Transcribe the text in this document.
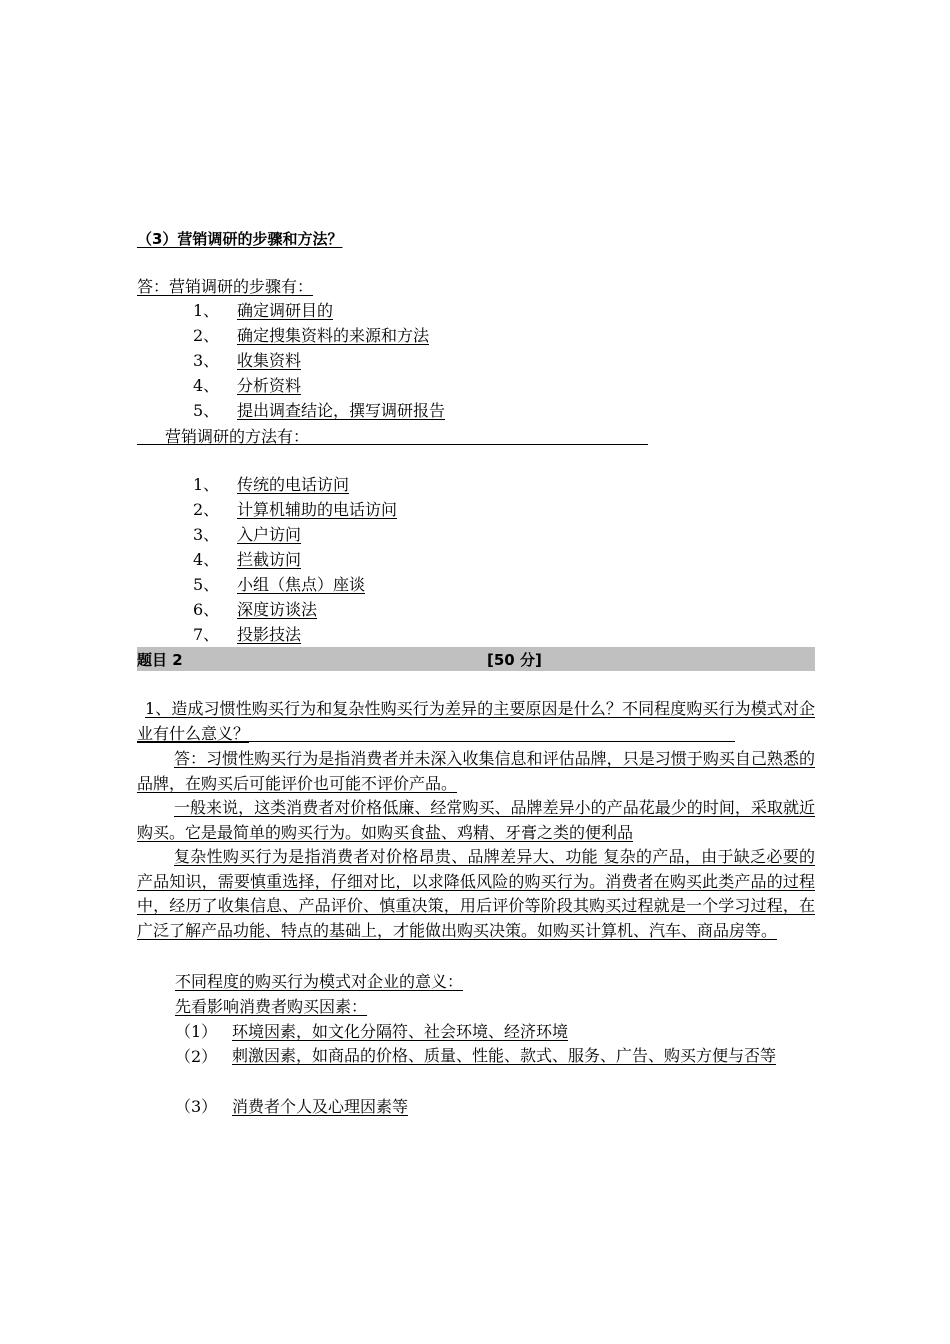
（3）营销调研的步骤和方法？
答：营销调研的步骤有：
1、 确定调研目的
2、 确定搜集资料的来源和方法
3、 收集资料
4、 分析资料
5、 提出调查结论，撰写调研报告
营销调研的方法有：
1、 传统的电话访问
2、 计算机辅助的电话访问
3、 入户访问
4、 拦截访问
5、 小组（焦点）座谈
6、 深度访谈法
7、 投影技法
题目 2	[50 分]
1、造成习惯性购买行为和复杂性购买行为差异的主要原因是什么？不同程度购买行为模式对企业有什么意义？
答：习惯性购买行为是指消费者并未深入收集信息和评估品牌，只是习惯于购买自己熟悉的品牌，在购买后可能评价也可能不评价产品。
一般来说，这类消费者对价格低廉、经常购买、品牌差异小的产品花最少的时间，采取就近购买。它是最简单的购买行为。如购买食盐、鸡精、牙膏之类的便利品
复杂性购买行为是指消费者对价格昂贵、品牌差异大、功能 复杂的产品，由于缺乏必要的产品知识，需要慎重选择，仔细对比，以求降低风险的购买行为。消费者在购买此类产品的过程中，经历了收集信息、产品评价、慎重决策，用后评价等阶段其购买过程就是一个学习过程，在广泛了解产品功能、特点的基础上，才能做出购买决策。如购买计算机、汽车、商品房等。
不同程度的购买行为模式对企业的意义：
先看影响消费者购买因素：
（1） 环境因素，如文化分隔符、社会环境、经济环境
（2） 刺激因素，如商品的价格、质量、性能、款式、服务、广告、购买方便与否等
（3） 消费者个人及心理因素等
